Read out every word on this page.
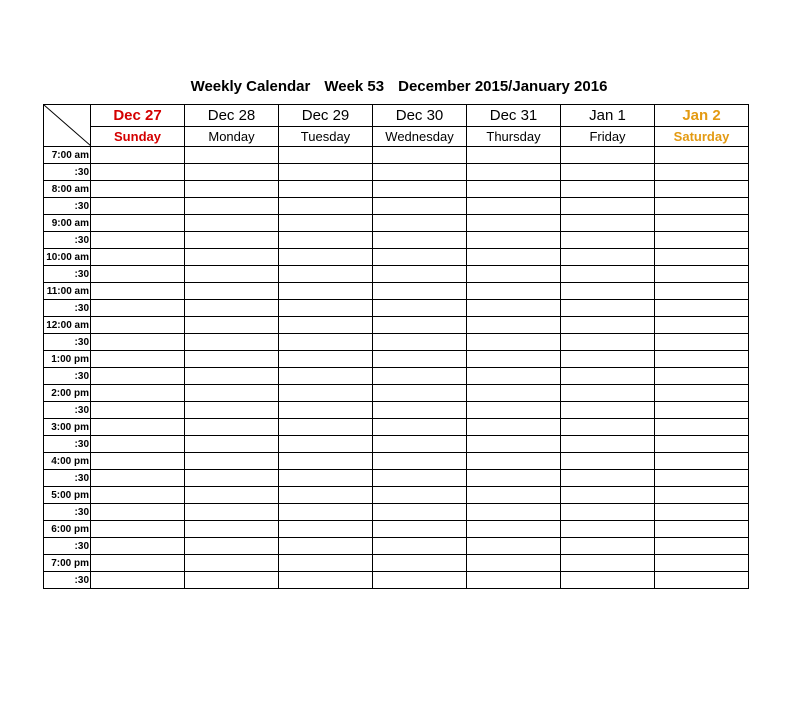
Weekly Calendar Week 53 December 2015/January 2016
	Dec 27	Dec 28	Dec 29	Dec 30	Dec 31	Jan 1	Jan 2
	Sunday	Monday	Tuesday	Wednesday	Thursday	Friday	Saturday
7:00 am							
:30							
8:00 am							
:30							
9:00 am							
:30							
10:00 am							
:30							
11:00 am							
:30							
12:00 am							
:30							
1:00 pm							
:30							
2:00 pm							
:30							
3:00 pm							
:30							
4:00 pm							
:30							
5:00 pm							
:30							
6:00 pm							
:30							
7:00 pm							
:30							
